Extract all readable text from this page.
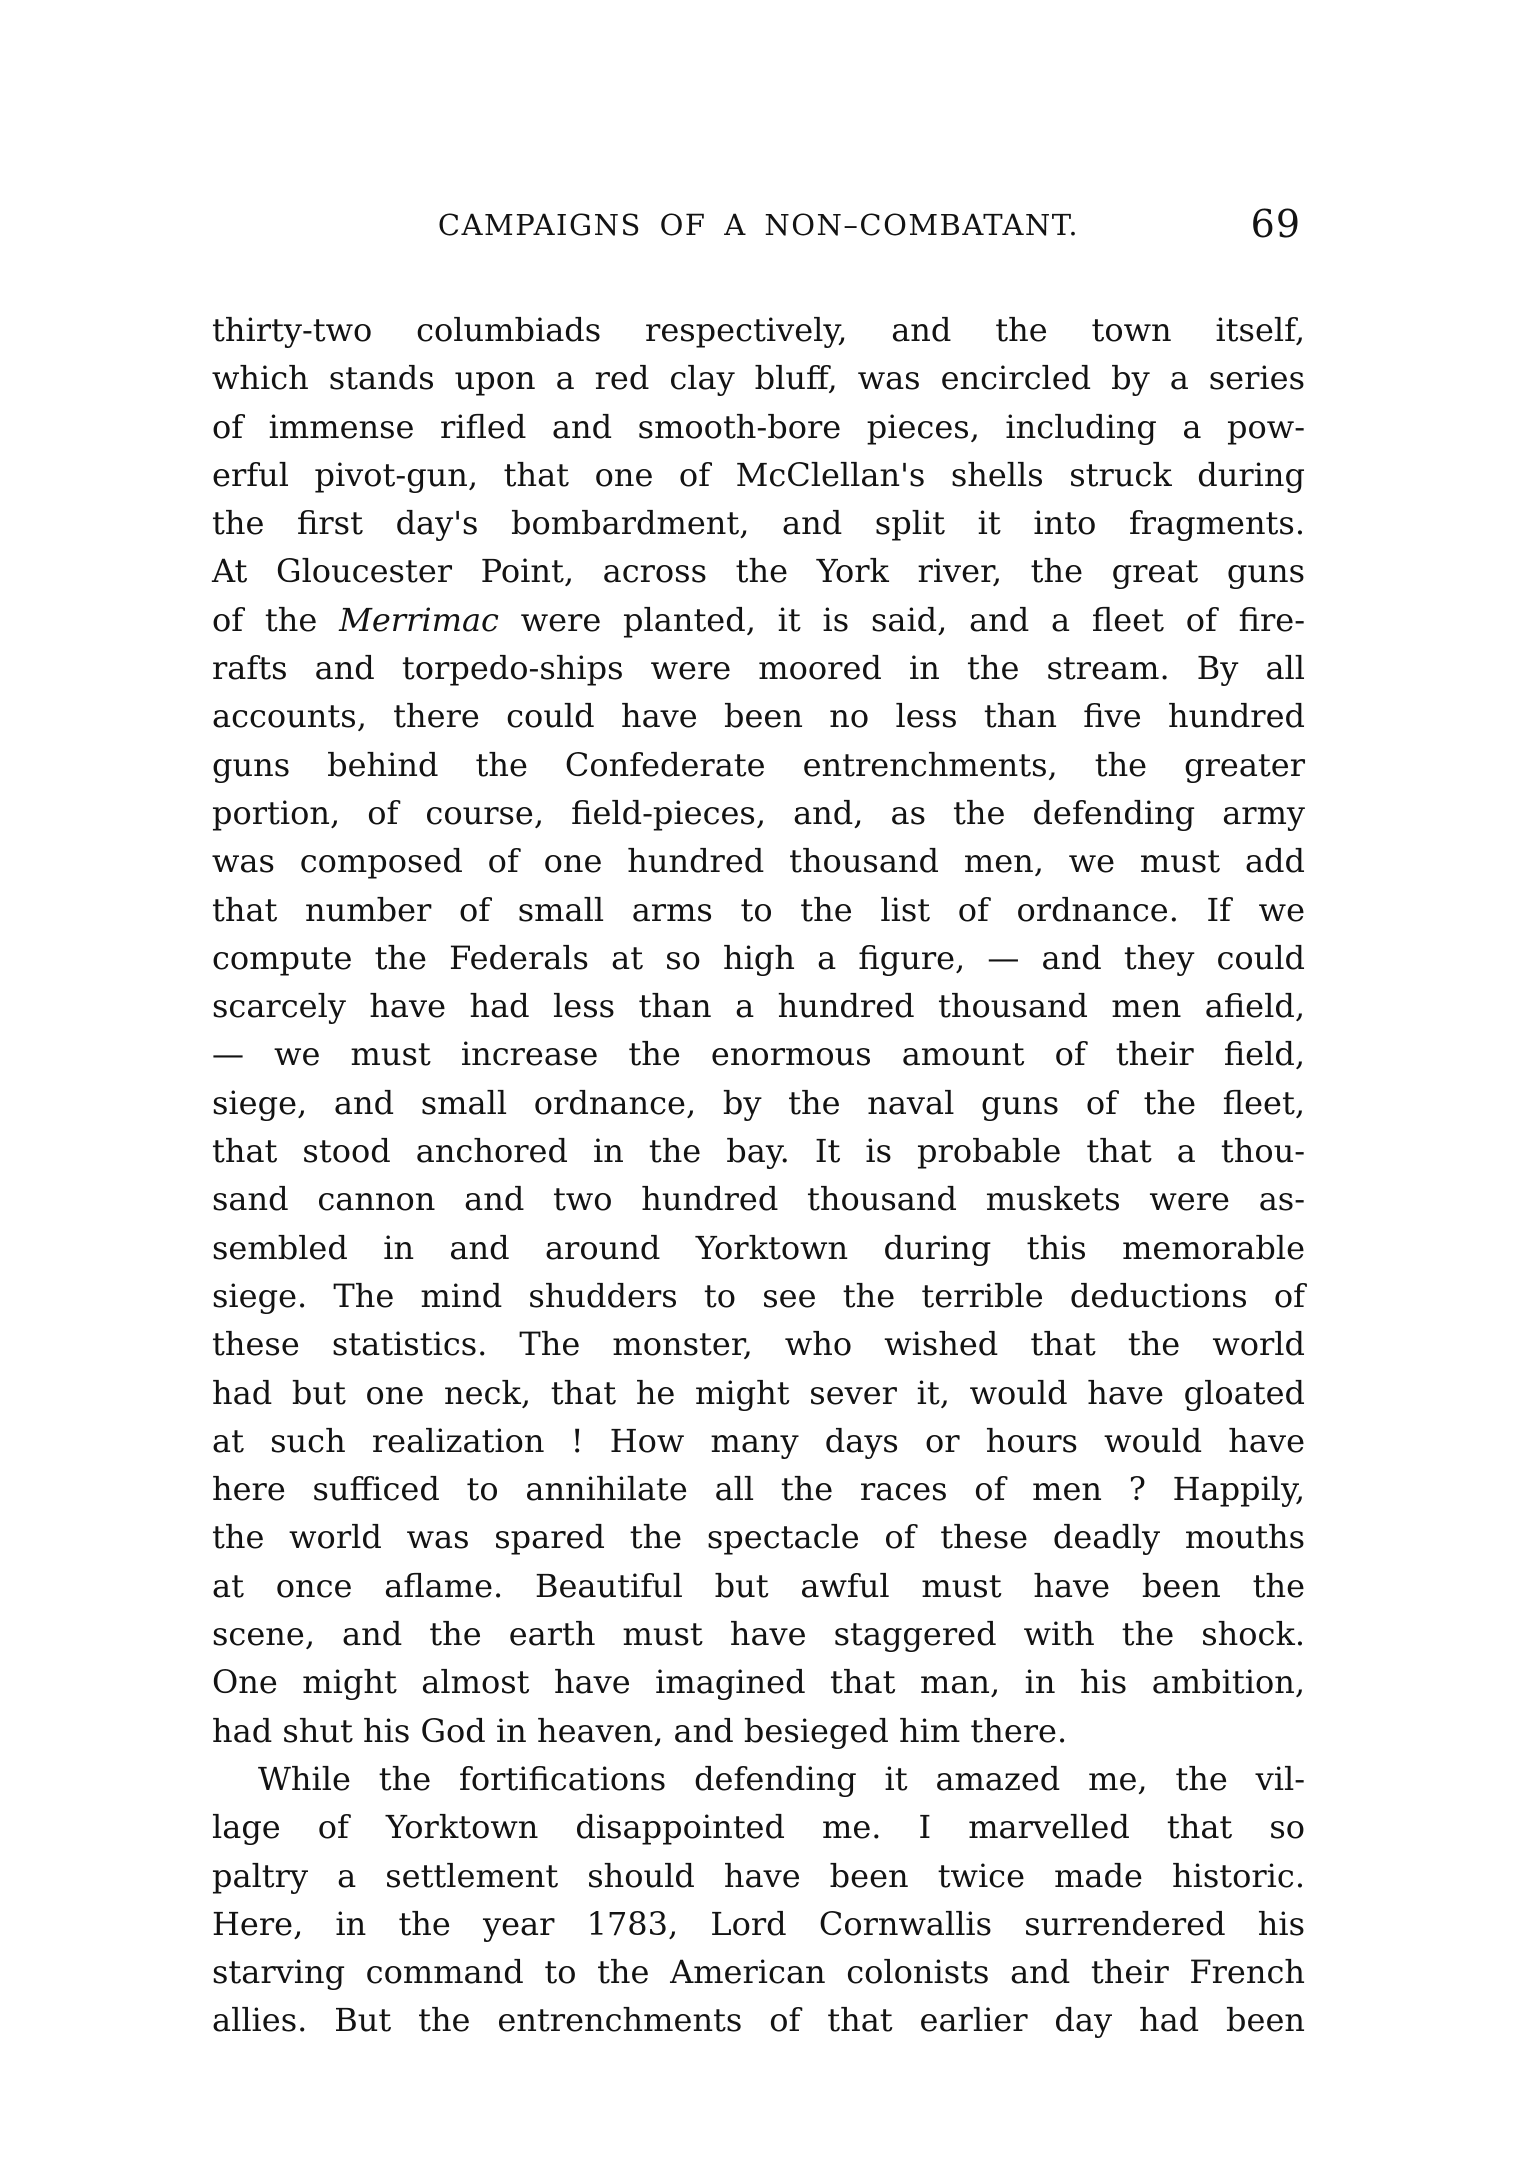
CAMPAIGNS OF A NON–COMBATANT.	69
thirty-two columbiads respectively, and the town itself,
which stands upon a red clay bluff, was encircled by a series
of immense rifled and smooth-bore pieces, including a pow-
erful pivot-gun, that one of McClellan's shells struck during
the first day's bombardment, and split it into fragments.
At Gloucester Point, across the York river, the great guns
of the Merrimac were planted, it is said, and a fleet of fire-
rafts and torpedo-ships were moored in the stream. By all
accounts, there could have been no less than five hundred
guns behind the Confederate entrenchments, the greater
portion, of course, field-pieces, and, as the defending army
was composed of one hundred thousand men, we must add
that number of small arms to the list of ordnance. If we
compute the Federals at so high a figure, — and they could
scarcely have had less than a hundred thousand men afield,
— we must increase the enormous amount of their field,
siege, and small ordnance, by the naval guns of the fleet,
that stood anchored in the bay. It is probable that a thou-
sand cannon and two hundred thousand muskets were as-
sembled in and around Yorktown during this memorable
siege. The mind shudders to see the terrible deductions of
these statistics. The monster, who wished that the world
had but one neck, that he might sever it, would have gloated
at such realization ! How many days or hours would have
here sufficed to annihilate all the races of men ? Happily,
the world was spared the spectacle of these deadly mouths
at once aflame. Beautiful but awful must have been the
scene, and the earth must have staggered with the shock.
One might almost have imagined that man, in his ambition,
had shut his God in heaven, and besieged him there.
While the fortifications defending it amazed me, the vil-
lage of Yorktown disappointed me. I marvelled that so
paltry a settlement should have been twice made historic.
Here, in the year 1783, Lord Cornwallis surrendered his
starving command to the American colonists and their French
allies. But the entrenchments of that earlier day had been
